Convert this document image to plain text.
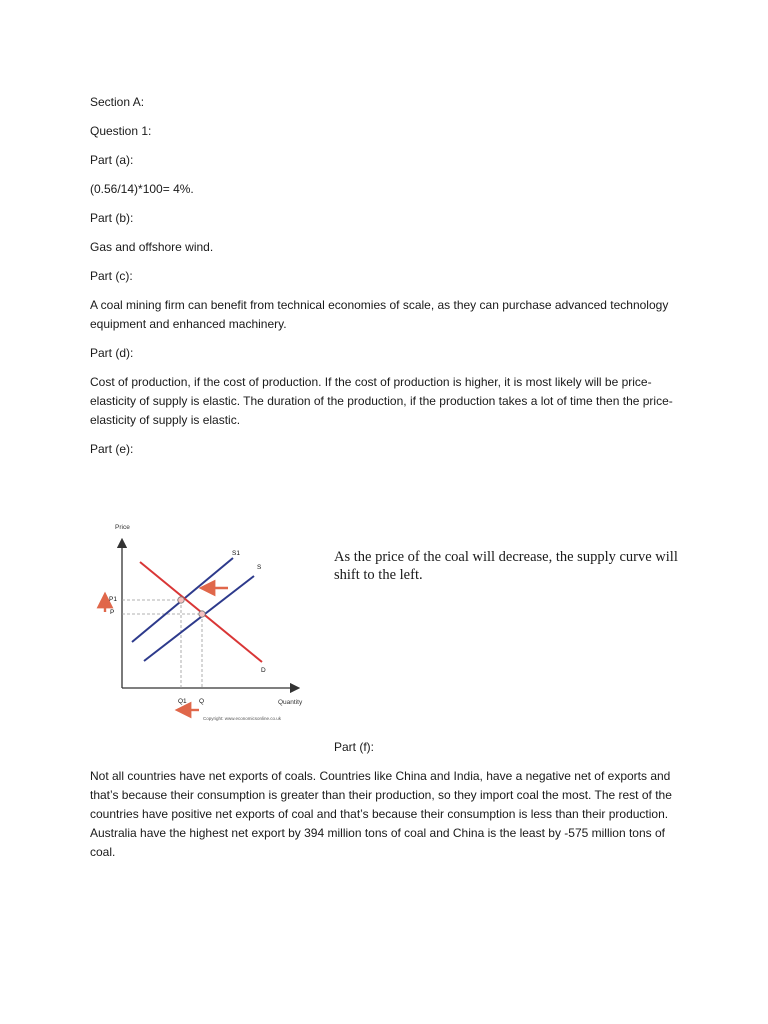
Section A:

Question 1:

Part (a):

(0.56/14)*100= 4%.

Part (b):

Gas and offshore wind.

Part (c):

A coal mining firm can benefit from technical economies of scale, as they can purchase advanced technology equipment and enhanced machinery.

Part (d):

Cost of production, if the cost of production. If the cost of production is higher, it is most likely will be price-elasticity of supply is elastic. The duration of the production, if the production takes a lot of time then the price-elasticity of supply is elastic.

Part (e):

Price
Quantity
S1
S
D
P1
P
Q1 Q
Copyright: www.economicsonline.co.uk

As the price of the coal will decrease, the supply curve will shift to the left.

Part (f):

Not all countries have net exports of coals. Countries like China and India, have a negative net of exports and that’s because their consumption is greater than their production, so they import coal the most. The rest of the countries have positive net exports of coal and that’s because their consumption is less than their production. Australia have the highest net export by 394 million tons of coal and China is the least by -575 million tons of coal.
